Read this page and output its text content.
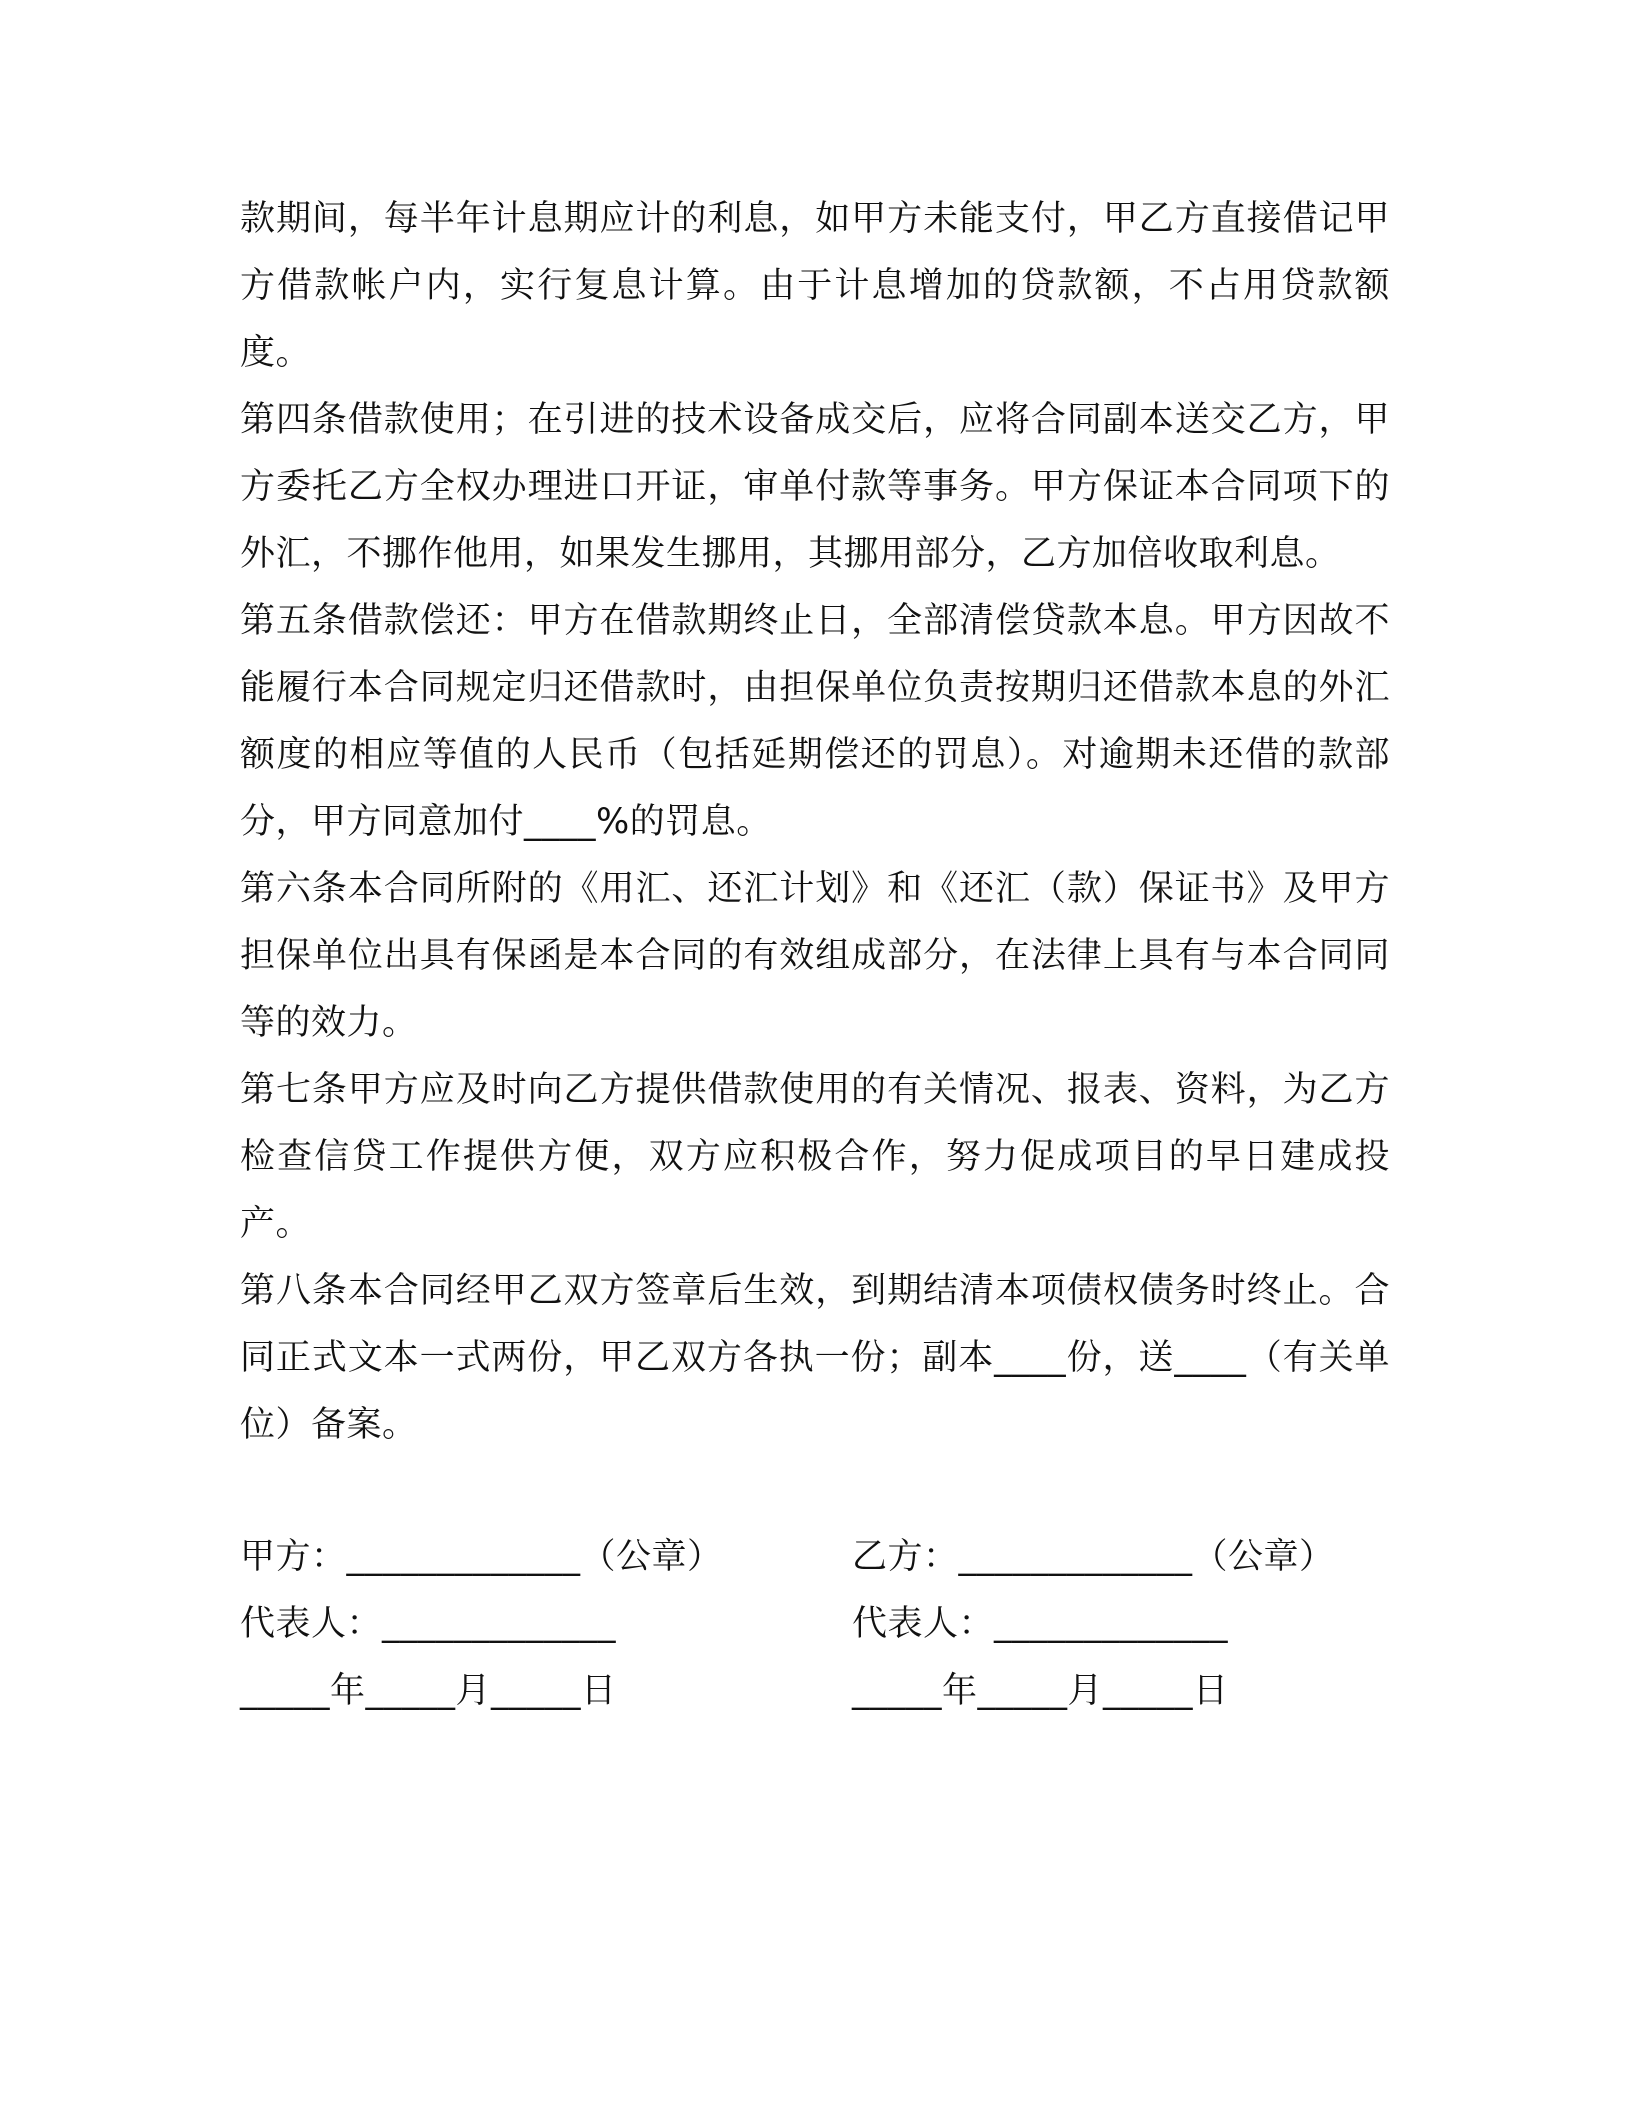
款期间，每半年计息期应计的利息，如甲方未能支付，甲乙方直接借记甲方借款帐户内，实行复息计算。由于计息增加的贷款额，不占用贷款额度。

第四条借款使用；在引进的技术设备成交后，应将合同副本送交乙方，甲方委托乙方全权办理进口开证，审单付款等事务。甲方保证本合同项下的外汇，不挪作他用，如果发生挪用，其挪用部分，乙方加倍收取利息。

第五条借款偿还：甲方在借款期终止日，全部清偿贷款本息。甲方因故不能履行本合同规定归还借款时，由担保单位负责按期归还借款本息的外汇额度的相应等值的人民币（包括延期偿还的罚息）。对逾期未还借的款部分，甲方同意加付____%的罚息。

第六条本合同所附的《用汇、还汇计划》和《还汇（款）保证书》及甲方担保单位出具有保函是本合同的有效组成部分，在法律上具有与本合同同等的效力。

第七条甲方应及时向乙方提供借款使用的有关情况、报表、资料，为乙方检查信贷工作提供方便，双方应积极合作，努力促成项目的早日建成投产。

第八条本合同经甲乙双方签章后生效，到期结清本项债权债务时终止。合同正式文本一式两份，甲乙双方各执一份；副本____份，送____（有关单位）备案。

甲方：_____________（公章）	乙方：_____________（公章）
代表人：_____________	代表人：_____________
_____年_____月_____日	_____年_____月_____日
